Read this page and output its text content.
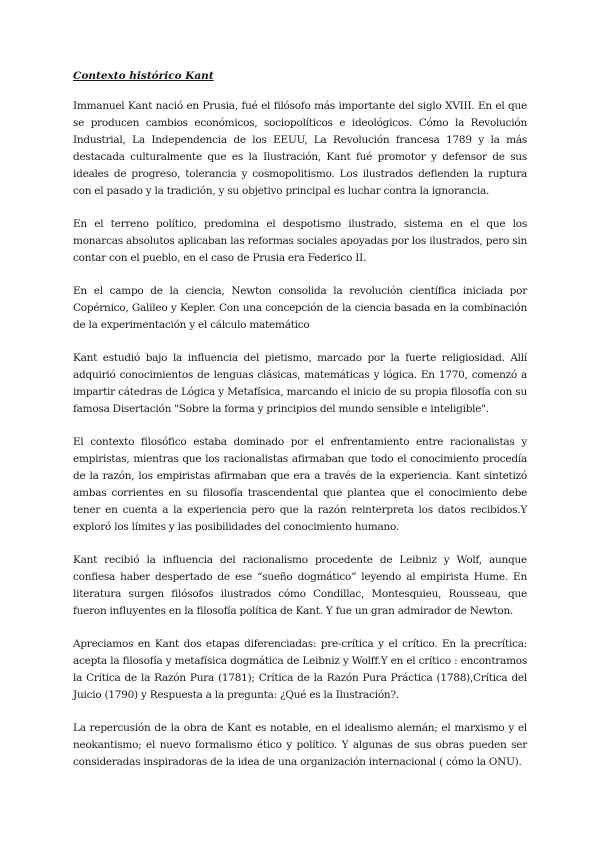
Contexto histórico Kant

Immanuel Kant nació en Prusia, fué el filósofo más importante del siglo XVIII. En el que se producen cambios económicos, sociopolíticos e ideológicos. Cómo la Revolución Industrial, La Independencia de los EEUU, La Revolución francesa 1789 y la más destacada culturalmente que es la Ilustración, Kant fué promotor y defensor de sus ideales de progreso, tolerancia y cosmopolitismo. Los ilustrados defienden la ruptura con el pasado y la tradición, y su objetivo principal es luchar contra la ignorancia.

En el terreno político, predomina el despotismo ilustrado, sistema en el que los monarcas absolutos aplicaban las reformas sociales apoyadas por los ilustrados, pero sin contar con el pueblo, en el caso de Prusia era Federico II.

En el campo de la ciencia, Newton consolida la revolución científica iniciada por Copérnico, Galileo y Kepler. Con una concepción de la ciencia basada en la combinación de la experimentación y el cálculo matemático

Kant estudió bajo la influencia del pietismo, marcado por la fuerte religiosidad. Allí adquirió conocimientos de lenguas clásicas, matemáticas y lógica. En 1770, comenzó a impartir cátedras de Lógica y Metafísica, marcando el inicio de su propia filosofía con su famosa Disertación "Sobre la forma y principios del mundo sensible e inteligible".

El contexto filosófico estaba dominado por el enfrentamiento entre racionalistas y empiristas, mientras que los racionalistas afirmaban que todo el conocimiento procedía de la razón, los empiristas afirmaban que era a través de la experiencia. Kant sintetizó ambas corrientes en su filosofía trascendental que plantea que el conocimiento debe tener en cuenta a la experiencia pero que la razón reinterpreta los datos recibidos.Y exploró los límites y las posibilidades del conocimiento humano.

Kant recibió la influencia del racionalismo procedente de Leibniz y Wolf, aunque confiesa haber despertado de ese “sueño dogmático” leyendo al empirista Hume. En literatura surgen filósofos ilustrados cómo Condillac, Montesquieu, Rousseau, que fueron influyentes en la filosofía política de Kant. Y fue un gran admirador de Newton.

Apreciamos en Kant dos etapas diferenciadas: pre-crítica y el crítico. En la precrítica: acepta la filosofía y metafísica dogmática de Leibniz y Wolff.Y en el crítico : encontramos la Crítica de la Razón Pura (1781); Crítica de la Razón Pura Práctica (1788),Crítica del Juicio (1790) y Respuesta a la pregunta: ¿Qué es la Ilustración?.

La repercusión de la obra de Kant es notable, en el idealismo alemán; el marxismo y el neokantismo; el nuevo formalismo ético y político. Y algunas de sus obras pueden ser consideradas inspiradoras de la idea de una organización internacional ( cómo la ONU).
